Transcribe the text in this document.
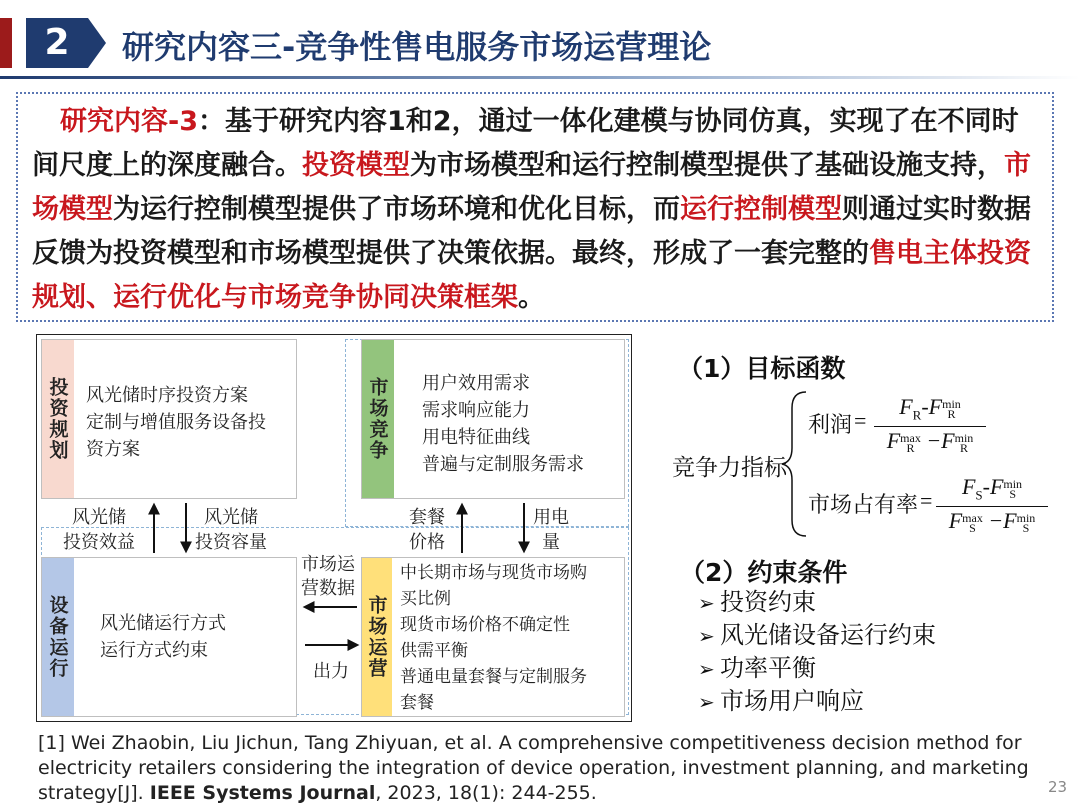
2	研究内容三-竞争性售电服务市场运营理论

研究内容-3：基于研究内容1和2，通过一体化建模与协同仿真，实现了在不同时间尺度上的深度融合。投资模型为市场模型和运行控制模型提供了基础设施支持，市场模型为运行控制模型提供了市场环境和优化目标，而运行控制模型则通过实时数据反馈为投资模型和市场模型提供了决策依据。最终，形成了一套完整的售电主体投资规划、运行优化与市场竞争协同决策框架。

投资规划 风光储时序投资方案
定制与增值服务设备投
资方案	市场竞争	用户效用需求
需求响应能力
用电特征曲线
普遍与定制服务需求
设备运行	风光储运行方式
运行方式约束	市场运营
中长期市场与现货市场购
买比例
现货市场价格不确定性
供需平衡
普通电量套餐与定制服务
套餐
风光储
投资效益
风光储
投资容量
套餐
价格
用电
量
市场运
营数据
出力
（1）目标函数
竞争力指标
利润 =
$F_R-F$ min
R
F max
R −F min
R
市场占有率 =
$F_S-F$ min
S
F max
S −F min
S
（2）约束条件
➢ 投资约束
➢ 风光储设备运行约束
➢ 功率平衡
➢ 市场用户响应
[1] Wei Zhaobin, Liu Jichun, Tang Zhiyuan, et al. A comprehensive competitiveness decision method for electricity retailers considering the integration of device operation, investment planning, and marketing strategy[J]. IEEE Systems Journal, 2023, 18(1): 244-255.	23
